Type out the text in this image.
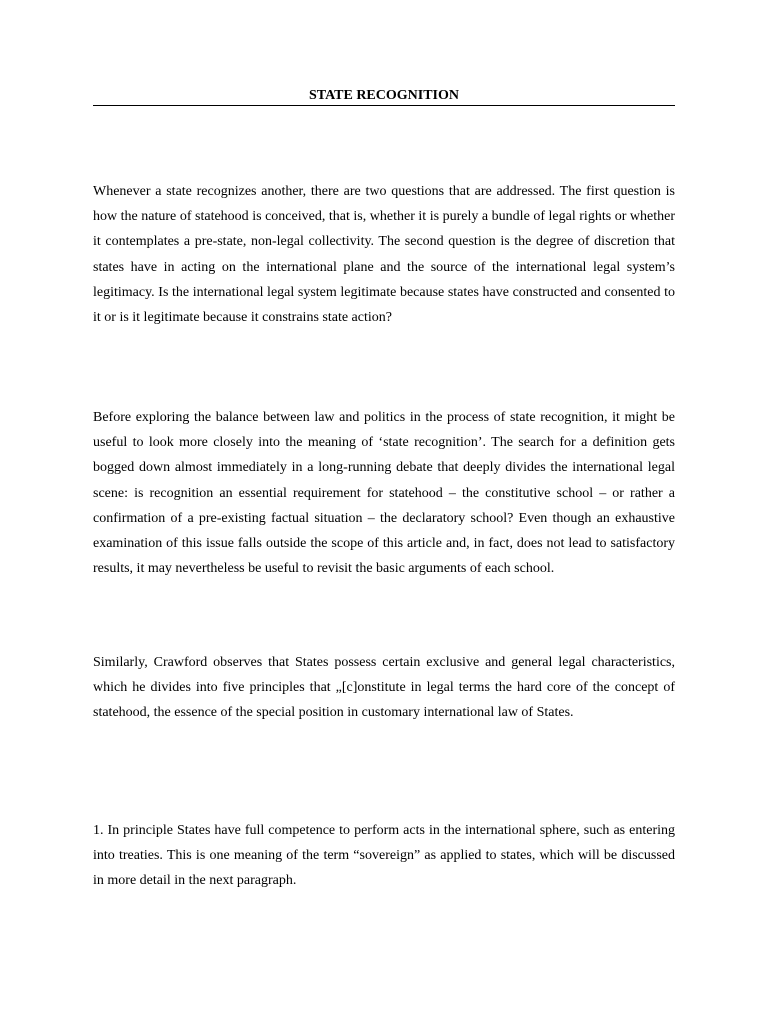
STATE RECOGNITION

Whenever a state recognizes another, there are two questions that are addressed. The first question is how the nature of statehood is conceived, that is, whether it is purely a bundle of legal rights or whether it contemplates a pre-state, non-legal collectivity. The second question is the degree of discretion that states have in acting on the international plane and the source of the international legal system’s legitimacy. Is the international legal system legitimate because states have constructed and consented to it or is it legitimate because it constrains state action?

Before exploring the balance between law and politics in the process of state recognition, it might be useful to look more closely into the meaning of ‘state recognition’. The search for a definition gets bogged down almost immediately in a long-running debate that deeply divides the international legal scene: is recognition an essential requirement for statehood – the constitutive school – or rather a confirmation of a pre-existing factual situation – the declaratory school? Even though an exhaustive examination of this issue falls outside the scope of this article and, in fact, does not lead to satisfactory results, it may nevertheless be useful to revisit the basic arguments of each school.

Similarly, Crawford observes that States possess certain exclusive and general legal characteristics, which he divides into five principles that „[c]onstitute in legal terms the hard core of the concept of statehood, the essence of the special position in customary international law of States.

1. In principle States have full competence to perform acts in the international sphere, such as entering into treaties. This is one meaning of the term “sovereign” as applied to states, which will be discussed in more detail in the next paragraph.
